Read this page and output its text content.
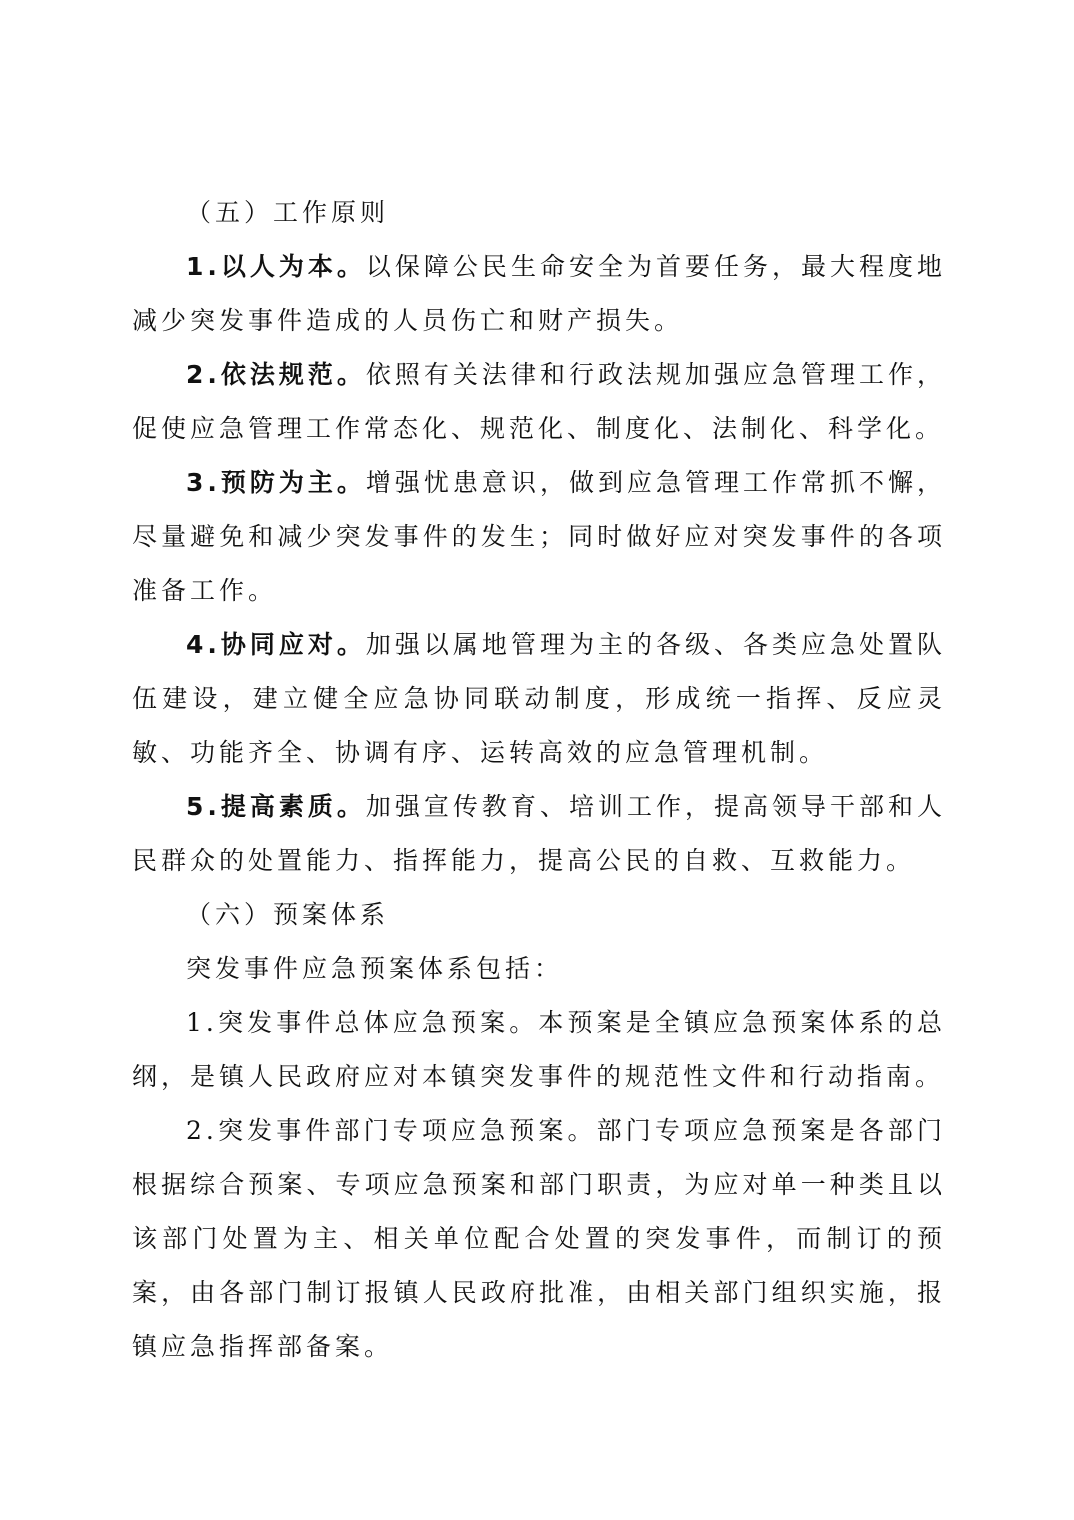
（五）工作原则

1.以人为本。以保障公民生命安全为首要任务，最大程度地减少突发事件造成的人员伤亡和财产损失。

2.依法规范。依照有关法律和行政法规加强应急管理工作，促使应急管理工作常态化、规范化、制度化、法制化、科学化。

3.预防为主。增强忧患意识，做到应急管理工作常抓不懈，尽量避免和减少突发事件的发生；同时做好应对突发事件的各项准备工作。

4.协同应对。加强以属地管理为主的各级、各类应急处置队伍建设，建立健全应急协同联动制度，形成统一指挥、反应灵敏、功能齐全、协调有序、运转高效的应急管理机制。

5.提高素质。加强宣传教育、培训工作，提高领导干部和人民群众的处置能力、指挥能力，提高公民的自救、互救能力。

（六）预案体系

突发事件应急预案体系包括：

1.突发事件总体应急预案。本预案是全镇应急预案体系的总纲，是镇人民政府应对本镇突发事件的规范性文件和行动指南。

2.突发事件部门专项应急预案。部门专项应急预案是各部门根据综合预案、专项应急预案和部门职责，为应对单一种类且以该部门处置为主、相关单位配合处置的突发事件，而制订的预案，由各部门制订报镇人民政府批准，由相关部门组织实施，报镇应急指挥部备案。
